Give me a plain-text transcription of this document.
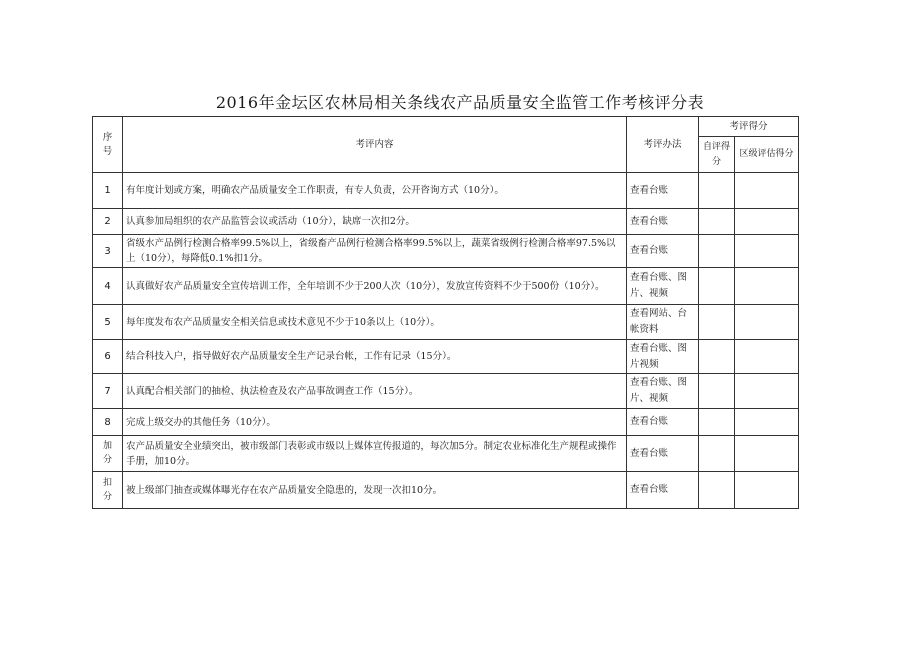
2016年金坛区农林局相关条线农产品质量安全监管工作考核评分表
序号	考评内容	考评办法	考评得分	
			自评得分	区级评估得分
1	有年度计划或方案，明确农产品质量安全工作职责，有专人负责，公开咨询方式（10分）。	查看台账		
2	认真参加局组织的农产品监管会议或活动（10分），缺席一次扣2分。	查看台账		
3	省级水产品例行检测合格率99.5%以上，省级畜产品例行检测合格率99.5%以上，蔬菜省级例行检测合格率97.5%以上（10分），每降低0.1%扣1分。	查看台账		
4	认真做好农产品质量安全宣传培训工作，全年培训不少于200人次（10分），发放宣传资料不少于500份（10分）。	查看台账、图片、视频		
5	每年度发布农产品质量安全相关信息或技术意见不少于10条以上（10分）。	查看网站、台帐资料		
6	结合科技入户，指导做好农产品质量安全生产记录台帐，工作有记录（15分）。	查看台账、图片视频		
7	认真配合相关部门的抽检、执法检查及农产品事故调查工作（15分）。	查看台账、图片、视频		
8	完成上级交办的其他任务（10分）。	查看台账		
加分	农产品质量安全业绩突出，被市级部门表彰或市级以上媒体宣传报道的，每次加5分。制定农业标准化生产规程或操作手册，加10分。	查看台账		
扣分	被上级部门抽查或媒体曝光存在农产品质量安全隐患的，发现一次扣10分。	查看台账		
